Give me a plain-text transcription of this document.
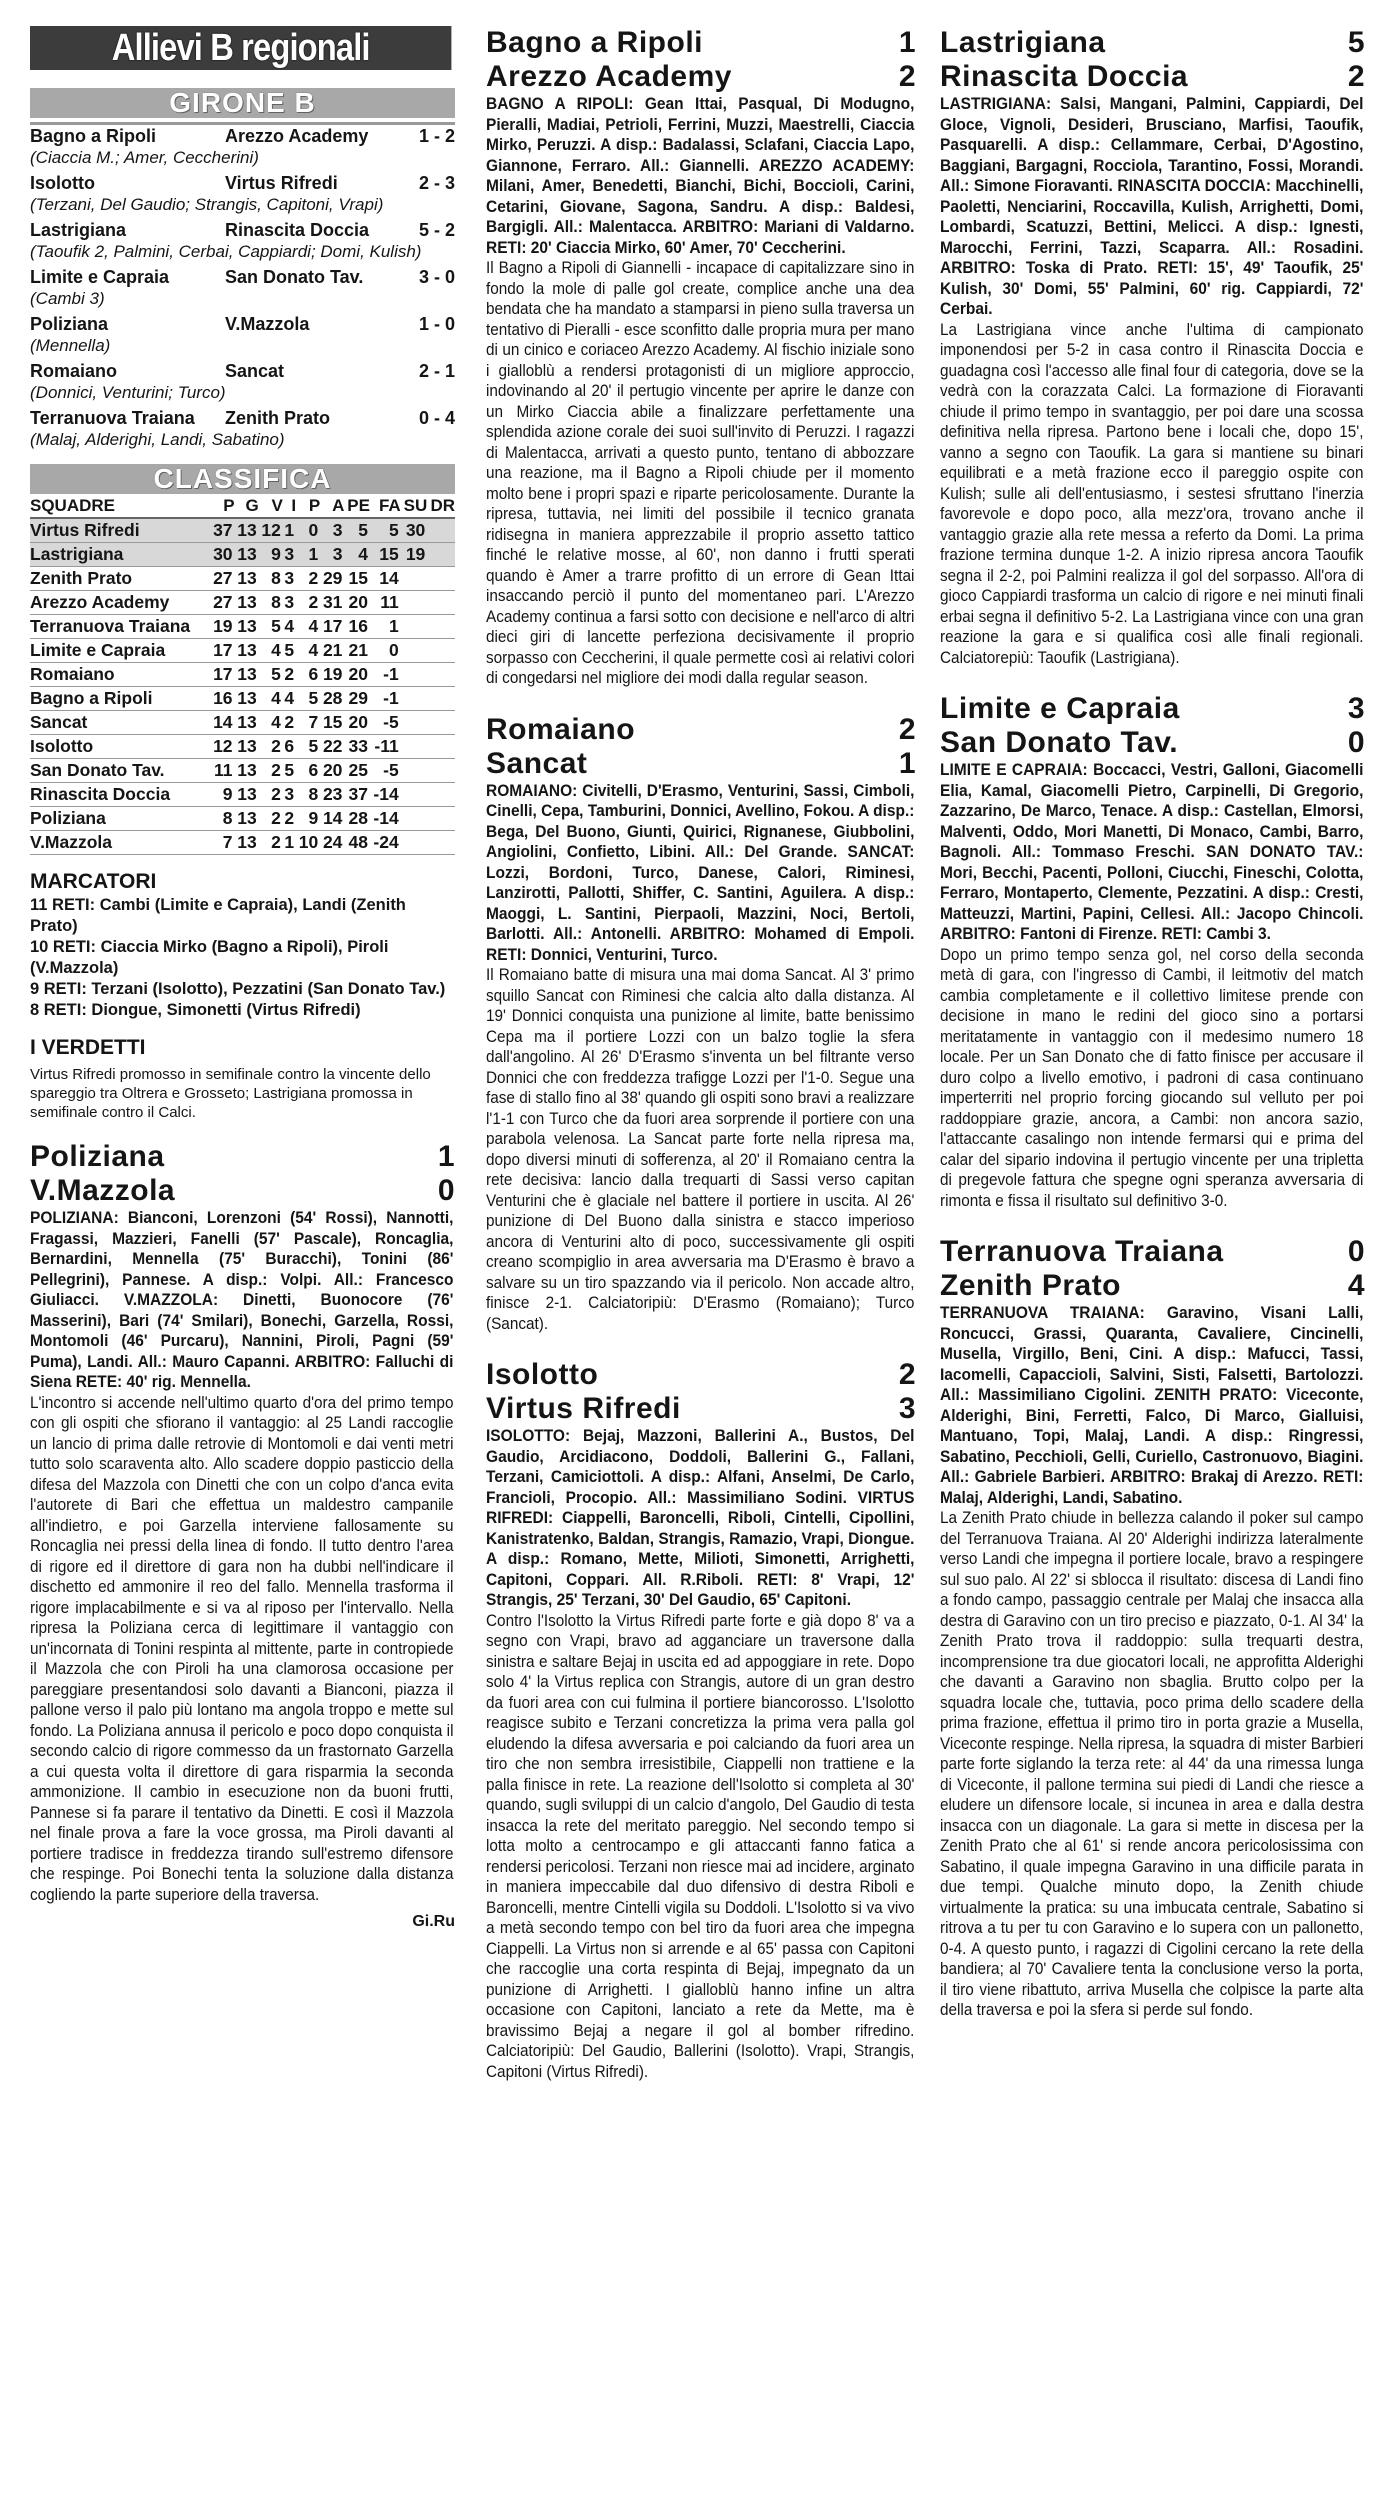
Allievi B regionali
GIRONE B
Bagno a Ripoli	Arezzo Academy	1 - 2
(Ciaccia M.; Amer, Ceccherini)
Isolotto	Virtus Rifredi	2 - 3
(Terzani, Del Gaudio; Strangis, Capitoni, Vrapi)
Lastrigiana	Rinascita Doccia	5 - 2
(Taoufik 2, Palmini, Cerbai, Cappiardi; Domi, Kulish)
Limite e Capraia	San Donato Tav.	3 - 0
(Cambi 3)
Poliziana	V.Mazzola	1 - 0
(Mennella)
Romaiano	Sancat	2 - 1
(Donnici, Venturini; Turco)
Terranuova Traiana	Zenith Prato	0 - 4
(Malaj, Alderighi, Landi, Sabatino)
CLASSIFICA
SQUADRE	P	G	V	I	P	A	PE	FA	SU	DR
Virtus Rifredi	37	13	12	1	0	3	5	5	30	
Lastrigiana	30	13	9	3	1	3	4	15	19	
Zenith Prato	27	13	8	3	2	29	15	14		
Arezzo Academy	27	13	8	3	2	31	20	11		
Terranuova Traiana	19	13	5	4	4	17	16	1		
Limite e Capraia	17	13	4	5	4	21	21	0		
Romaiano	17	13	5	2	6	19	20	-1		
Bagno a Ripoli	16	13	4	4	5	28	29	-1		
Sancat	14	13	4	2	7	15	20	-5		
Isolotto	12	13	2	6	5	22	33	-11		
San Donato Tav.	11	13	2	5	6	20	25	-5		
Rinascita Doccia	9	13	2	3	8	23	37	-14		
Poliziana	8	13	2	2	9	14	28	-14		
V.Mazzola	7	13	2	1	10	24	48	-24		
MARCATORI
11 RETI: Cambi (Limite e Capraia), Landi (Zenith Prato)
10 RETI: Ciaccia Mirko (Bagno a Ripoli), Piroli (V.Mazzola)
9 RETI: Terzani (Isolotto), Pezzatini (San Donato Tav.)
8 RETI: Diongue, Simonetti (Virtus Rifredi)
I VERDETTI
Virtus Rifredi promosso in semifinale contro la vincente dello spareggio tra Oltrera e Grosseto; Lastrigiana promossa in semifinale contro il Calci.
Poliziana	1
V.Mazzola	0
POLIZIANA: Bianconi, Lorenzoni (54' Rossi), Nannotti, Fragassi, Mazzieri, Fanelli (57' Pascale), Roncaglia, Bernardini, Mennella (75' Buracchi), Tonini (86' Pellegrini), Pannese. A disp.: Volpi. All.: Francesco Giuliacci. V.MAZZOLA: Dinetti, Buonocore (76' Masserini), Bari (74' Smilari), Bonechi, Garzella, Rossi, Montomoli (46' Purcaru), Nannini, Piroli, Pagni (59' Puma), Landi. All.: Mauro Capanni. ARBITRO: Falluchi di Siena RETE: 40' rig. Mennella.
L'incontro si accende nell'ultimo quarto d'ora del primo tempo con gli ospiti che sfiorano il vantaggio: al 25 Landi raccoglie un lancio di prima dalle retrovie di Montomoli e dai venti metri tutto solo scaraventa alto. Allo scadere doppio pasticcio della difesa del Mazzola con Dinetti che con un colpo d'anca evita l'autorete di Bari che effettua un maldestro campanile all'indietro, e poi Garzella interviene fallosamente su Roncaglia nei pressi della linea di fondo. Il tutto dentro l'area di rigore ed il direttore di gara non ha dubbi nell'indicare il dischetto ed ammonire il reo del fallo. Mennella trasforma il rigore implacabilmente e si va al riposo per l'intervallo. Nella ripresa la Poliziana cerca di legittimare il vantaggio con un'incornata di Tonini respinta al mittente, parte in contropiede il Mazzola che con Piroli ha una clamorosa occasione per pareggiare presentandosi solo davanti a Bianconi, piazza il pallone verso il palo più lontano ma angola troppo e mette sul fondo. La Poliziana annusa il pericolo e poco dopo conquista il secondo calcio di rigore commesso da un frastornato Garzella a cui questa volta il direttore di gara risparmia la seconda ammonizione. Il cambio in esecuzione non da buoni frutti, Pannese si fa parare il tentativo da Dinetti. E così il Mazzola nel finale prova a fare la voce grossa, ma Piroli davanti al portiere tradisce in freddezza tirando sull'estremo difensore che respinge. Poi Bonechi tenta la soluzione dalla distanza cogliendo la parte superiore della traversa.
Gi.Ru
Bagno a Ripoli	1
Arezzo Academy	2
BAGNO A RIPOLI: Gean Ittai, Pasqual, Di Modugno, Pieralli, Madiai, Petrioli, Ferrini, Muzzi, Maestrelli, Ciaccia Mirko, Peruzzi. A disp.: Badalassi, Sclafani, Ciaccia Lapo, Giannone, Ferraro. All.: Giannelli. AREZZO ACADEMY: Milani, Amer, Benedetti, Bianchi, Bichi, Boccioli, Carini, Cetarini, Giovane, Sagona, Sandru. A disp.: Baldesi, Bargigli. All.: Malentacca. ARBITRO: Mariani di Valdarno. RETI: 20' Ciaccia Mirko, 60' Amer, 70' Ceccherini.
Il Bagno a Ripoli di Giannelli - incapace di capitalizzare sino in fondo la mole di palle gol create, complice anche una dea bendata che ha mandato a stamparsi in pieno sulla traversa un tentativo di Pieralli - esce sconfitto dalle propria mura per mano di un cinico e coriaceo Arezzo Academy. Al fischio iniziale sono i giallоblù a rendersi protagonisti di un migliore approccio, indovinando al 20' il pertugio vincente per aprire le danze con un Mirko Ciaccia abile a finalizzare perfettamente una splendida azione corale dei suoi sull'invito di Peruzzi. I ragazzi di Malentacca, arrivati a questo punto, tentano di abbozzare una reazione, ma il Bagno a Ripoli chiude per il momento molto bene i propri spazi e riparte pericolosamente. Durante la ripresa, tuttavia, nei limiti del possibile il tecnico granata ridisegna in maniera apprezzabile il proprio assetto tattico finché le relative mosse, al 60', non danno i frutti sperati quando è Amer a trarre profitto di un errore di Gean Ittai insaccando perciò il punto del momentaneo pari. L'Arezzo Academy continua a farsi sotto con decisione e nell'arco di altri dieci giri di lancette perfeziona decisivamente il proprio sorpasso con Ceccherini, il quale permette così ai relativi colori di congedarsi nel migliore dei modi dalla regular season.
Romaiano	2
Sancat	1
ROMAIANO: Civitelli, D'Erasmo, Venturini, Sassi, Cimboli, Cinelli, Cepa, Tamburini, Donnici, Avellino, Fokou. A disp.: Bega, Del Buono, Giunti, Quirici, Rignanese, Giubbolini, Angiolini, Confietto, Libini. All.: Del Grande. SANCAT: Lozzi, Bordoni, Turco, Danese, Calori, Riminesi, Lanzirotti, Pallotti, Shiffer, C. Santini, Aguilera. A disp.: Maoggi, L. Santini, Pierpaoli, Mazzini, Noci, Bertoli, Barlotti. All.: Antonelli. ARBITRO: Mohamed di Empoli. RETI: Donnici, Venturini, Turco.
Il Romaiano batte di misura una mai doma Sancat. Al 3' primo squillo Sancat con Riminesi che calcia alto dalla distanza. Al 19' Donnici conquista una punizione al limite, batte benissimo Cepa ma il portiere Lozzi con un balzo toglie la sfera dall'angolino. Al 26' D'Erasmo s'inventa un bel filtrante verso Donnici che con freddezza trafigge Lozzi per l'1-0. Segue una fase di stallo fino al 38' quando gli ospiti sono bravi a realizzare l'1-1 con Turco che da fuori area sorprende il portiere con una parabola velenosa. La Sancat parte forte nella ripresa ma, dopo diversi minuti di sofferenza, al 20' il Romaiano centra la rete decisiva: lancio dalla trequarti di Sassi verso capitan Venturini che è glaciale nel battere il portiere in uscita. Al 26' punizione di Del Buono dalla sinistra e stacco imperioso ancora di Venturini alto di poco, successivamente gli ospiti creano scompiglio in area avversaria ma D'Erasmo è bravo a salvare su un tiro spazzando via il pericolo. Non accade altro, finisce 2-1. Calciatoripiù: D'Erasmo (Romaiano); Turco (Sancat).
Isolotto	2
Virtus Rifredi	3
ISOLOTTO: Bejaj, Mazzoni, Ballerini A., Bustos, Del Gaudio, Arcidiacono, Doddoli, Ballerini G., Fallani, Terzani, Camiciottoli. A disp.: Alfani, Anselmi, De Carlo, Francioli, Procopio. All.: Massimiliano Sodini. VIRTUS RIFREDI: Ciappelli, Baroncelli, Riboli, Cintelli, Cipollini, Kanistratenko, Baldan, Strangis, Ramazio, Vrapi, Diongue. A disp.: Romano, Mette, Milioti, Simonetti, Arrighetti, Capitoni, Coppari. All. R.Riboli. RETI: 8' Vrapi, 12' Strangis, 25' Terzani, 30' Del Gaudio, 65' Capitoni.
Contro l'Isolotto la Virtus Rifredi parte forte e già dopo 8' va a segno con Vrapi, bravo ad agganciare un traversone dalla sinistra e saltare Bejaj in uscita ed ad appoggiare in rete. Dopo solo 4' la Virtus replica con Strangis, autore di un gran destro da fuori area con cui fulmina il portiere biancorosso. L'Isolotto reagisce subito e Terzani concretizza la prima vera palla gol eludendo la difesa avversaria e poi calciando da fuori area un tiro che non sembra irresistibile, Ciappelli non trattiene e la palla finisce in rete. La reazione dell'Isolotto si completa al 30' quando, sugli sviluppi di un calcio d'angolo, Del Gaudio di testa insacca la rete del meritato pareggio. Nel secondo tempo si lotta molto a centrocampo e gli attaccanti fanno fatica a rendersi pericolosi. Terzani non riesce mai ad incidere, arginato in maniera impeccabile dal duo difensivo di destra Riboli e Baroncelli, mentre Cintelli vigila su Doddoli. L'Isolotto si va vivo a metà secondo tempo con bel tiro da fuori area che impegna Ciappelli. La Virtus non si arrende e al 65' passa con Capitoni che raccoglie una corta respinta di Bejaj, impegnato da un punizione di Arrighetti. I gialloblù hanno infine un altra occasione con Capitoni, lanciato a rete da Mette, ma è bravissimo Bejaj a negare il gol al bomber rifredino. Calciatoripiù: Del Gaudio, Ballerini (Isolotto). Vrapi, Strangis, Capitoni (Virtus Rifredi).
Lastrigiana	5
Rinascita Doccia	2
LASTRIGIANA: Salsi, Mangani, Palmini, Cappiardi, Del Gloce, Vignoli, Desideri, Brusciano, Marfisi, Taoufik, Pasquarelli. A disp.: Cellammare, Cerbai, D'Agostino, Baggiani, Bargagni, Rocciola, Tarantino, Fossi, Morandi. All.: Simone Fioravanti. RINASCITA DOCCIA: Macchinelli, Paoletti, Nenciarini, Roccavilla, Kulish, Arrighetti, Domi, Lombardi, Scatuzzi, Bettini, Melicci. A disp.: Ignesti, Marocchi, Ferrini, Tazzi, Scaparra. All.: Rosadini. ARBITRO: Toska di Prato. RETI: 15', 49' Taoufik, 25' Kulish, 30' Domi, 55' Palmini, 60' rig. Cappiardi, 72' Cerbai.
La Lastrigiana vince anche l'ultima di campionato imponendosi per 5-2 in casa contro il Rinascita Doccia e guadagna così l'accesso alle final four di categoria, dove se la vedrà con la corazzata Calci. La formazione di Fioravanti chiude il primo tempo in svantaggio, per poi dare una scossa definitiva nella ripresa. Partono bene i locali che, dopo 15', vanno a segno con Taoufik. La gara si mantiene su binari equilibrati e a metà frazione ecco il pareggio ospite con Kulish; sulle ali dell'entusiasmo, i sestesi sfruttano l'inerzia favorevole e dopo poco, alla mezz'ora, trovano anche il vantaggio grazie alla rete messa a referto da Domi. La prima frazione termina dunque 1-2. A inizio ripresa ancora Taoufik segna il 2-2, poi Palmini realizza il gol del sorpasso. All'ora di gioco Cappiardi trasforma un calcio di rigore e nei minuti finali erbai segna il definitivo 5-2. La Lastrigiana vince con una gran reazione la gara e si qualifica così alle finali regionali. Calciatorepiù: Taoufik (Lastrigiana).
Limite e Capraia	3
San Donato Tav.	0
LIMITE E CAPRAIA: Boccacci, Vestri, Galloni, Giacomelli Elia, Kamal, Giacomelli Pietro, Carpinelli, Di Gregorio, Zazzarino, De Marco, Tenace. A disp.: Castellan, Elmorsi, Malventi, Oddo, Mori Manetti, Di Monaco, Cambi, Barro, Bagnoli. All.: Tommaso Freschi. SAN DONATO TAV.: Mori, Becchi, Pacenti, Polloni, Ciucchi, Fineschi, Colotta, Ferraro, Montaperto, Clemente, Pezzatini. A disp.: Cresti, Matteuzzi, Martini, Papini, Cellesi. All.: Jacopo Chincoli. ARBITRO: Fantoni di Firenze. RETI: Cambi 3.
Dopo un primo tempo senza gol, nel corso della seconda metà di gara, con l'ingresso di Cambi, il leitmotiv del match cambia completamente e il collettivo limitese prende con decisione in mano le redini del gioco sino a portarsi meritatamente in vantaggio con il medesimo numero 18 locale. Per un San Donato che di fatto finisce per accusare il duro colpo a livello emotivo, i padroni di casa continuano imperterriti nel proprio forcing giocando sul velluto per poi raddoppiare grazie, ancora, a Cambi: non ancora sazio, l'attaccante casalingo non intende fermarsi qui e prima del calar del sipario indovina il pertugio vincente per una tripletta di pregevole fattura che spegne ogni speranza avversaria di rimonta e fissa il risultato sul definitivo 3-0.
Terranuova Traiana	0
Zenith Prato	4
TERRANUOVA TRAIANA: Garavino, Visani Lalli, Roncucci, Grassi, Quaranta, Cavaliere, Cincinelli, Musella, Virgillo, Beni, Cini. A disp.: Mafucci, Tassi, Iacomelli, Capaccioli, Salvini, Sisti, Falsetti, Bartolozzi. All.: Massimiliano Cigolini. ZENITH PRATO: Viceconte, Alderighi, Bini, Ferretti, Falco, Di Marco, Gialluisi, Mantuano, Topi, Malaj, Landi. A disp.: Ringressi, Sabatino, Pecchioli, Gelli, Curiello, Castronuovo, Biagini. All.: Gabriele Barbieri. ARBITRO: Brakaj di Arezzo. RETI: Malaj, Alderighi, Landi, Sabatino.
La Zenith Prato chiude in bellezza calando il poker sul campo del Terranuova Traiana. Al 20' Alderighi indirizza lateralmente verso Landi che impegna il portiere locale, bravo a respingere sul suo palo. Al 22' si sblocca il risultato: discesa di Landi fino a fondo campo, passaggio centrale per Malaj che insacca alla destra di Garavino con un tiro preciso e piazzato, 0-1. Al 34' la Zenith Prato trova il raddoppio: sulla trequarti destra, incomprensione tra due giocatori locali, ne approfitta Alderighi che davanti a Garavino non sbaglia. Brutto colpo per la squadra locale che, tuttavia, poco prima dello scadere della prima frazione, effettua il primo tiro in porta grazie a Musella, Viceconte respinge. Nella ripresa, la squadra di mister Barbieri parte forte siglando la terza rete: al 44' da una rimessa lunga di Viceconte, il pallone termina sui piedi di Landi che riesce a eludere un difensore locale, si incunea in area e dalla destra insacca con un diagonale. La gara si mette in discesa per la Zenith Prato che al 61' si rende ancora pericolosissima con Sabatino, il quale impegna Garavino in una difficile parata in due tempi. Qualche minuto dopo, la Zenith chiude virtualmente la pratica: su una imbucata centrale, Sabatino si ritrova a tu per tu con Garavino e lo supera con un pallonetto, 0-4. A questo punto, i ragazzi di Cigolini cercano la rete della bandiera; al 70' Cavaliere tenta la conclusione verso la porta, il tiro viene ribattuto, arriva Musella che colpisce la parte alta della traversa e poi la sfera si perde sul fondo.
